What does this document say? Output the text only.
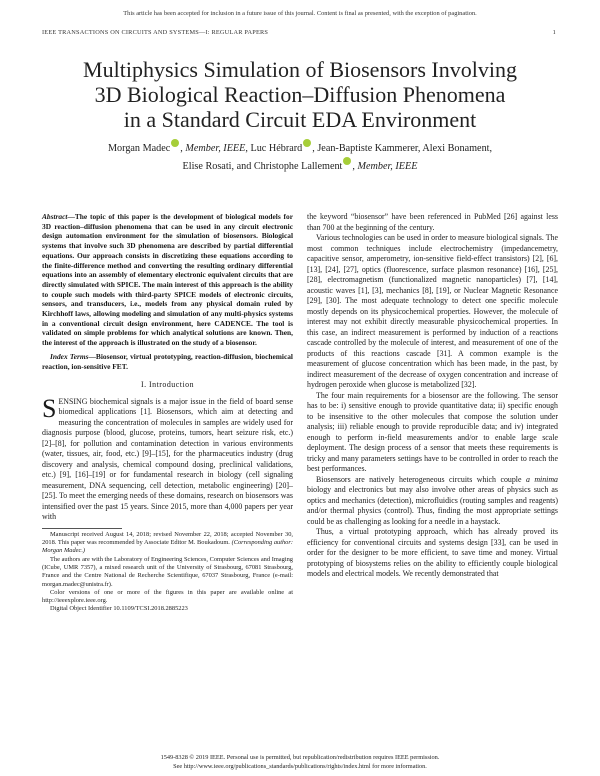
This article has been accepted for inclusion in a future issue of this journal. Content is final as presented, with the exception of pagination.
IEEE TRANSACTIONS ON CIRCUITS AND SYSTEMS—I: REGULAR PAPERS	1
Multiphysics Simulation of Biosensors Involving
3D Biological Reaction–Diffusion Phenomena
in a Standard Circuit EDA Environment
Morgan Madec , Member, IEEE, Luc Hébrard , Jean-Baptiste Kammerer, Alexi Bonament,
Elise Rosati, and Christophe Lallement , Member, IEEE

Abstract—The topic of this paper is the development of biological models for 3D reaction–diffusion phenomena that can be used in any circuit electronic design automation environment for the simulation of biosensors. Biological systems that involve such 3D phenomena are described by partial differential equations. Our approach consists in discretizing these equations according to the finite-difference method and converting the resulting ordinary differential equations into an assembly of elementary electronic equivalent circuits that are directly simulated with SPICE. The main interest of this approach is the ability to couple such models with third-party SPICE models of electronic circuits, sensors, and transducers, i.e., models from any physical domain ruled by Kirchhoff laws, allowing modeling and simulation of any multi-physics systems in a conventional circuit design environment, here CADENCE. The tool is validated on simple problems for which analytical solutions are known. Then, the interest of the approach is illustrated on the study of a biosensor.

Index Terms—Biosensor, virtual prototyping, reaction-diffusion, biochemical reaction, ion-sensitive FET.

I. Introduction

SENSING biochemical signals is a major issue in the field of board sense biomedical applications [1]. Biosensors, which aim at detecting and measuring the concentration of molecules in samples are widely used for diagnosis purpose (blood, glucose, proteins, tumors, heart seizure risk, etc.) [2]–[8], for pollution and contamination detection in various environments (water, tissues, air, food, etc.) [9]–[15], for the pharmaceutics industry (drug discovery and analysis, chemical compound dosing, preclinical validations, etc.) [9], [16]–[19] or for fundamental research in biology (cell signaling measurement, DNA sequencing, cell detection, metabolic engineering) [20]–[25]. To meet the emerging needs of these domains, research on biosensors was intensified over the past 15 years. Since 2015, more than 4,000 papers per year with

Manuscript received August 14, 2018; revised November 22, 2018; accepted November 30, 2018. This paper was recommended by Associate Editor M. Boukadoum. (Corresponding author: Morgan Madec.)

The authors are with the Laboratory of Engineering Sciences, Computer Sciences and Imaging (ICube, UMR 7357), a mixed research unit of the University of Strasbourg, 67081 Strasbourg, France and the Centre National de Recherche Scientifique, 67037 Strasbourg, France (e-mail: morgan.madec@unistra.fr).

Color versions of one or more of the figures in this paper are available online at http://ieeexplore.ieee.org.

Digital Object Identifier 10.1109/TCSI.2018.2885223

the keyword “biosensor” have been referenced in PubMed [26] against less than 700 at the beginning of the century.

Various technologies can be used in order to measure biological signals. The most common techniques include electrochemistry (impedancemetry, capacitive sensor, amperometry, ion-sensitive field-effect transistors) [2], [6], [13], [24], [27], optics (fluorescence, surface plasmon resonance) [16], [25], [28], electromagnetism (functionalized magnetic nanoparticles) [7], [14], acoustic waves [1], [3], mechanics [8], [19], or Nuclear Magnetic Resonance [29], [30]. The most adequate technology to detect one specific molecule mostly depends on its physicochemical properties. However, the molecule of interest may not exhibit directly measurable physicochemical properties. In this case, an indirect measurement is performed by induction of a reactions cascade controlled by the molecule of interest, and measurement of one of the products of this reactions cascade [31]. A common example is the measurement of glucose concentration which has been made, in the past, by indirect measurement of the decrease of oxygen concentration and increase of hydrogen peroxide when glucose is metabolized [32].

The four main requirements for a biosensor are the following. The sensor has to be: i) sensitive enough to provide quantitative data; ii) specific enough to be insensitive to the other molecules that compose the solution under analysis; iii) reliable enough to provide reproducible data; and iv) integrated enough to perform in-field measurements and/or to enable large scale deployment. The design process of a sensor that meets these requirements is tricky and many parameters settings have to be controlled in order to reach the best performances.

Biosensors are natively heterogeneous circuits which couple a minima biology and electronics but may also involve other areas of physics such as optics and mechanics (detection), microfluidics (routing samples and reagents) and/or thermal physics (control). Thus, finding the most appropriate settings could be as challenging as looking for a needle in a haystack.

Thus, a virtual prototyping approach, which has already proved its efficiency for conventional circuits and systems design [33], can be used in order for the designer to be more efficient, to save time and money. Virtual prototyping of biosystems relies on the ability to efficiently couple biological models and electrical models. We recently demonstrated that

1549-8328 © 2019 IEEE. Personal use is permitted, but republication/redistribution requires IEEE permission.
See http://www.ieee.org/publications_standards/publications/rights/index.html for more information.
